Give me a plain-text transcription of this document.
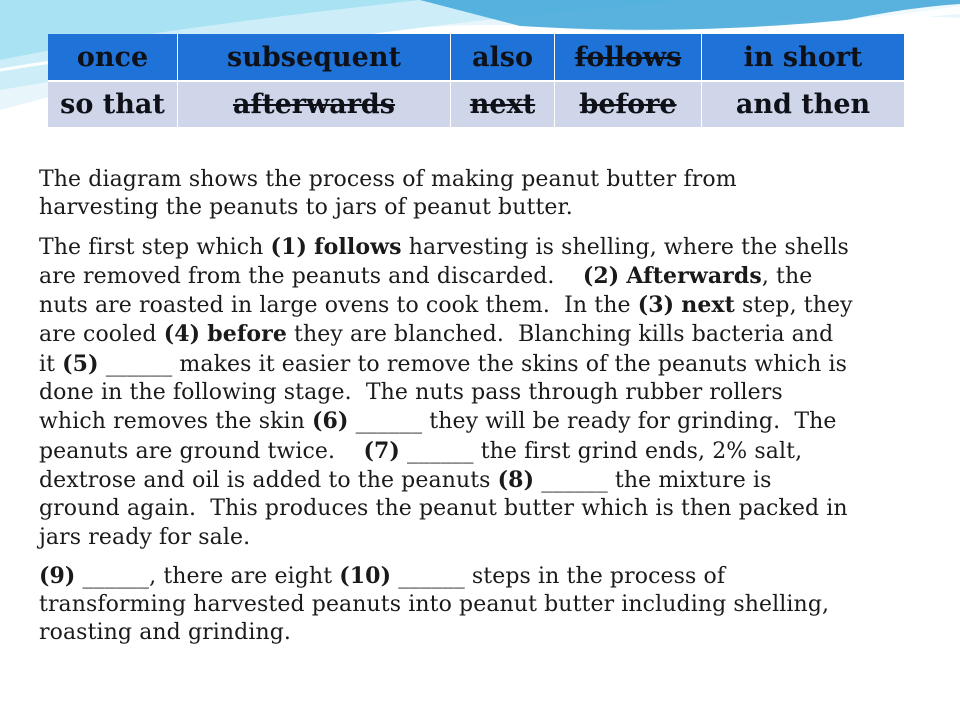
once	subsequent	also	follows	in short
so that	afterwards	next	before	and then

The diagram shows the process of making peanut butter from
harvesting the peanuts to jars of peanut butter.

The first step which (1) follows harvesting is shelling, where the shells
are removed from the peanuts and discarded.    (2) Afterwards, the
nuts are roasted in large ovens to cook them.  In the (3) next step, they
are cooled (4) before they are blanched.  Blanching kills bacteria and
it (5) ______ makes it easier to remove the skins of the peanuts which is
done in the following stage.  The nuts pass through rubber rollers
which removes the skin (6) ______ they will be ready for grinding.  The
peanuts are ground twice.    (7) ______ the first grind ends, 2% salt,
dextrose and oil is added to the peanuts (8) ______ the mixture is
ground again.  This produces the peanut butter which is then packed in
jars ready for sale.

(9) ______, there are eight (10) ______ steps in the process of
transforming harvested peanuts into peanut butter including shelling,
roasting and grinding.
